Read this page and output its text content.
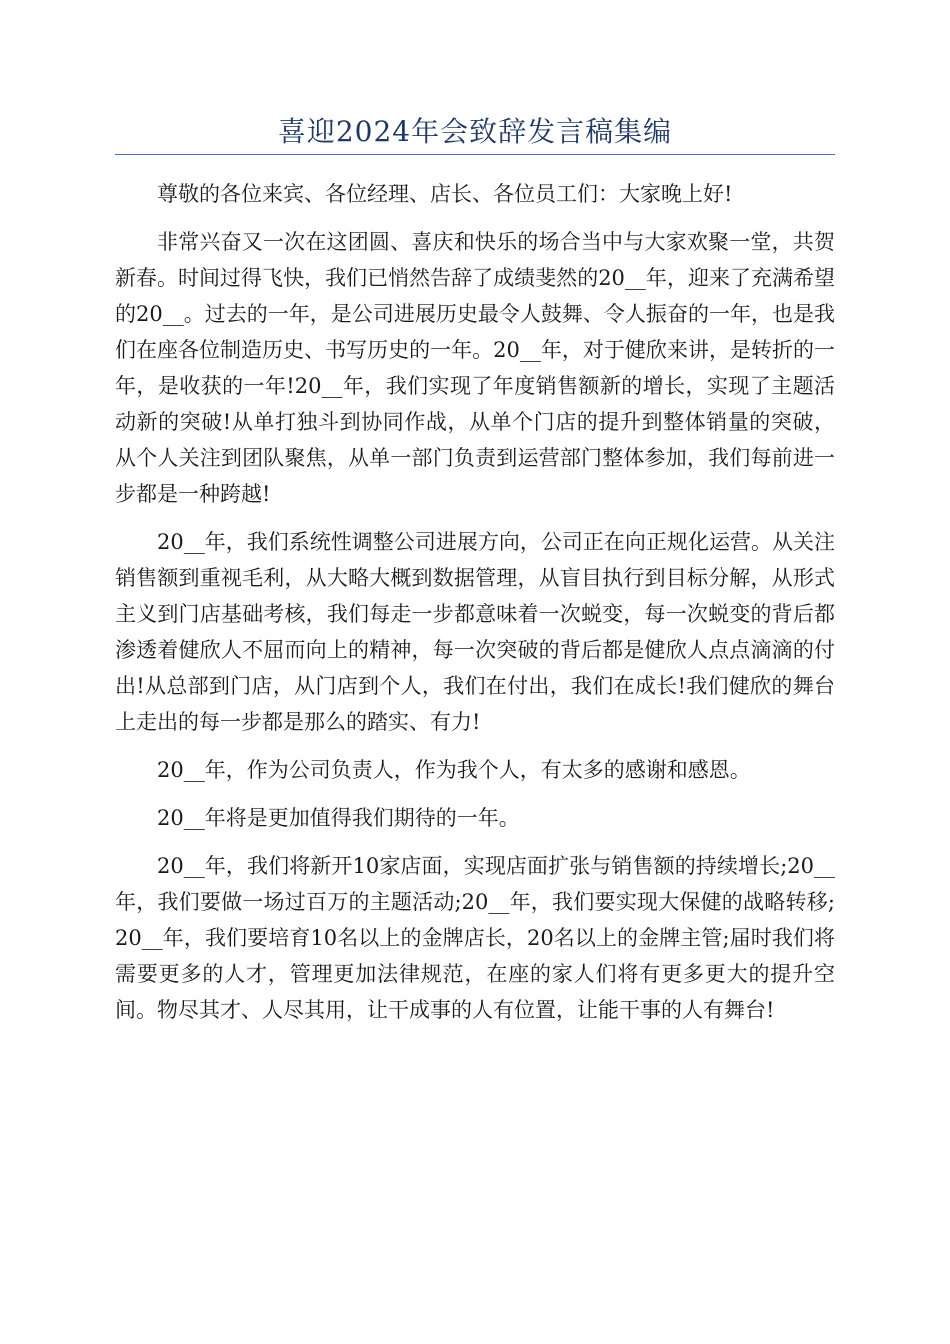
喜迎2024年会致辞发言稿集编

尊敬的各位来宾、各位经理、店长、各位员工们：大家晚上好!

非常兴奋又一次在这团圆、喜庆和快乐的场合当中与大家欢聚一堂，共贺新春。时间过得飞快，我们已悄然告辞了成绩斐然的20__年，迎来了充满希望的20__。过去的一年，是公司进展历史最令人鼓舞、令人振奋的一年，也是我们在座各位制造历史、书写历史的一年。20__年，对于健欣来讲，是转折的一年，是收获的一年!20__年，我们实现了年度销售额新的增长，实现了主题活动新的突破!从单打独斗到协同作战，从单个门店的提升到整体销量的突破，从个人关注到团队聚焦，从单一部门负责到运营部门整体参加，我们每前进一步都是一种跨越!

20__年，我们系统性调整公司进展方向，公司正在向正规化运营。从关注销售额到重视毛利，从大略大概到数据管理，从盲目执行到目标分解，从形式主义到门店基础考核，我们每走一步都意味着一次蜕变，每一次蜕变的背后都渗透着健欣人不屈而向上的精神，每一次突破的背后都是健欣人点点滴滴的付出!从总部到门店，从门店到个人，我们在付出，我们在成长!我们健欣的舞台上走出的每一步都是那么的踏实、有力!

20__年，作为公司负责人，作为我个人，有太多的感谢和感恩。

20__年将是更加值得我们期待的一年。

20__年，我们将新开10家店面，实现店面扩张与销售额的持续增长;20__年，我们要做一场过百万的主题活动;20__年，我们要实现大保健的战略转移;20__年，我们要培育10名以上的金牌店长，20名以上的金牌主管;届时我们将需要更多的人才，管理更加法律规范，在座的家人们将有更多更大的提升空间。物尽其才、人尽其用，让干成事的人有位置，让能干事的人有舞台!
